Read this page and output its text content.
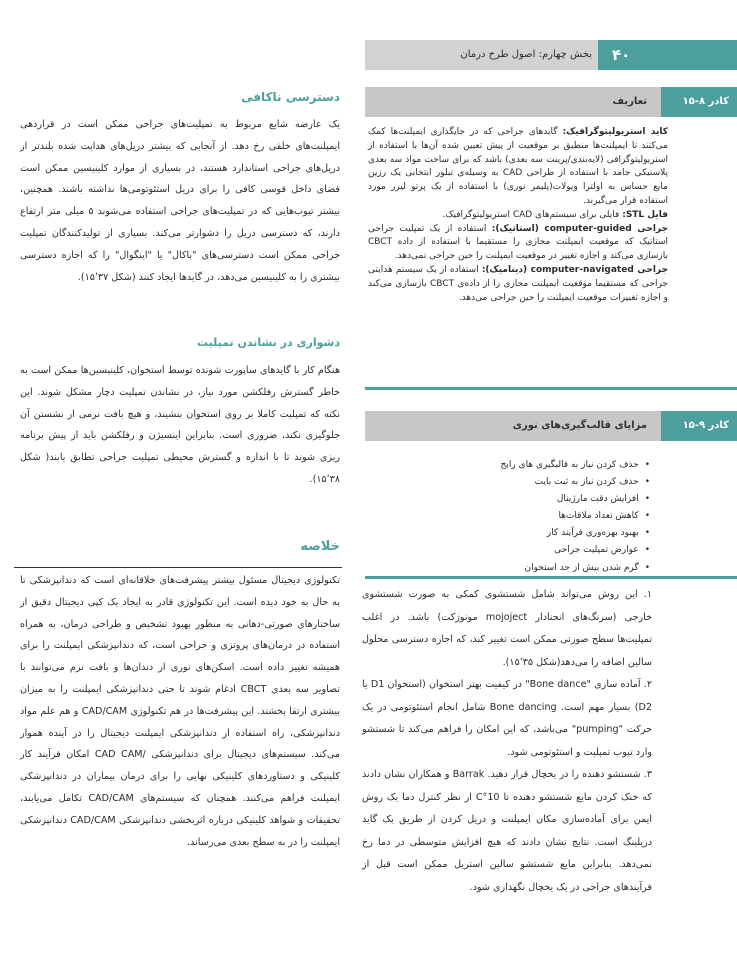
۴۰
بخش چهارم: اصول طرح درمان
تعاریف	کادر ۸-۱۵

کاید استریولیتوگرافیک: گایدهای جراحی که در جایگذاری ایمپلنت‌ها کمک می‌کنند تا ایمپلنت‌ها منطبق بر موقعیت از پیش تعیین شده آن‌ها با استفاده از استریولیتوگرافی (لایه‌بندی/پرینت سه بعدی) باشد که برای ساخت مواد سه بعدی پلاستیکی جامد با استفاده از طراحی CAD به وسیله‌ی تبلور انتخابی یک رزین مایع حساس به اولترا ویولات(پلیمر نوری) با استفاده از یک پرتو لیزر مورد استفاده قرار می‌گیرند.

فایل STL: فایلی برای سیستم‌های CAD استریولیتوگرافیک.

جراحی computer-guided (استاتیک): استفاده از یک تمپلیت جراحی استاتیک که موقعیت ایمپلنت مجازی را مستقیما با استفاده از داده CBCT بازسازی می‌کند و اجازه تغییر در موقعیت ایمپلنت را حین جراحی نمی‌دهد.

جراحی computer-navigated (دینامیک): استفاده از یک سیستم هدایتی جراحی که مستقیما موقعیت ایمپلنت مجازی را از داده‌ی CBCT بازسازی می‌کند و اجازه تغییرات موقعیت ایمپلنت را حین جراحی می‌دهد.

مزایای قالب‌گیری‌های نوری	کادر ۹-۱۵
• حذف کردن نیاز به قالبگیری های رایج
• حذف کردن نیاز به ثبت بایت
• افزایش دقت مارژینال
• کاهش تعداد ملاقات‌ها
• بهبود بهره‌وری فرآیند کار
• عوارض تمپلیت جراحی
• گرم شدن بیش از حد استخوان

۱. این روش می‌تواند شامل شستشوی کمکی به صورت شستشوی خارجی (سرنگ‌های انحنادار mojoject مونوژکت) باشد. در اغلب تمپلیت‌ها سطح صورتی ممکن است تغییر کند، که اجازه دسترسی محلول سالین اضافه را می‌دهد(شکل ۱۵٬۳۵).

۲. آماده سازی "Bone dance" در کیفیت بهتر استخوان (استخوان D1 یا D2) بسیار مهم است. Bone dancing شامل انجام استئوتومی در یک حرکت "pumping" می‌باشد، که این امکان را فراهم می‌کند تا شستشو وارد تیوب تمپلیت و استئوتومی شود.

۳. شستشو دهنده را در یخچال قرار دهید. Barrak و همکاران نشان دادند که خنک کردن مایع شستشو دهنده تا 10°C از نظر کنترل دما یک روش ایمن برای آماده‌سازی مکان ایمپلنت و دریل کردن از طریق یک گاید دریلینگ است. نتایج نشان دادند که هیچ افزایش متوسطی در دما رخ نمی‌دهد. بنابراین مایع شستشو سالین استریل ممکن است قبل از فرآیندهای جراحی در یک یخچال نگهداری شود.

دسترسی ناکافی
یک عارضه شایع مربوط به تمپلیت‌های جراحی ممکن است در قراردهی ایمپلنت‌های خلفی رخ دهد. از آنجایی که بیشتر دریل‌های هدایت شده بلندتر از دریل‌های جراحی استاندارد هستند، در بسیاری از موارد کلینیسین ممکن است فضای داخل قوسی کافی را برای دریل استئوتومی‌ها نداشته باشند. همچنین، بیشتر تیوب‌هایی که در تمپلیت‌های جراحی استفاده می‌شوند ۵ میلی متر ارتفاع دارند، که دسترسی دریل را دشوارتر می‌کند. بسیاری از تولیدکنندگان تمپلیت جراحی ممکن است دسترسی‌های "باکال" یا "اینگوال" را که اجازه دسترسی بیشتری را به کلینیسین می‌دهد، در گایدها ایجاد کنند (شکل ۱۵٬۳۷).
دشواری در نشاندن تمپلیت
هنگام کار با گایدهای ساپورت شونده توسط استخوان، کلینیسین‌ها ممکن است به خاطر گسترش رفلکشن مورد نیاز، در نشاندن تمپلیت دچار مشکل شوند. این نکته که تمپلیت کاملا بر روی استخوان بنشیند، و هیچ بافت نرمی از نشستن آن جلوگیری نکند، ضروری است. بنابراین اینسیژن و رفلکشن باید از پیش برنامه ریزی شوند تا با اندازه و گسترش محیطی تمپلیت جراحی تطابق یابند( شکل ۱۵٬۳۸).
خلاصه
تکنولوژی دیجیتال مسئول بیشتر پیشرفت‌های خلاقانه‌ای است که دندانپزشکی تا به حال به خود دیده است. این تکنولوژی قادر به ایجاد یک کپی دیجیتال دقیق از ساختارهای صورتی-دهانی به منظور بهبود تشخیص و طراحی درمان، به همراه استفاده در درمان‌های پروتزی و جراحی است، که دندانپزشکی ایمپلنت را برای همیشه تغییر داده است. اسکن‌های نوری از دندان‌ها و بافت نرم می‌توانند با تصاویر سه بعدی CBCT ادغام شوند تا حتی دندانپزشکی ایمپلنت را به میزان بیشتری ارتقا بخشند. این پیشرفت‌ها در هم تکنولوژی CAD/CAM و هم علم مواد دندانپزشکی، راه استفاده از دندانپزشکی ایمپلنت دیجیتال را در آینده هموار می‌کند. سیستم‌های دیجیتال برای دندانپزشکی /CAD CAM امکان فرآیند کار کلینیکی و دستاوردهای کلینیکی نهایی را برای درمان بیماران در دندانپزشکی ایمپلنت فراهم می‌کنند. همچنان که سیستم‌های CAD/CAM تکامل می‌یابند، تحقیقات و شواهد کلینیکی درباره اثربخشی دندانپزشکی CAD/CAM دندانپزشکی ایمپلنت را در به سطح بعدی می‌رساند.
